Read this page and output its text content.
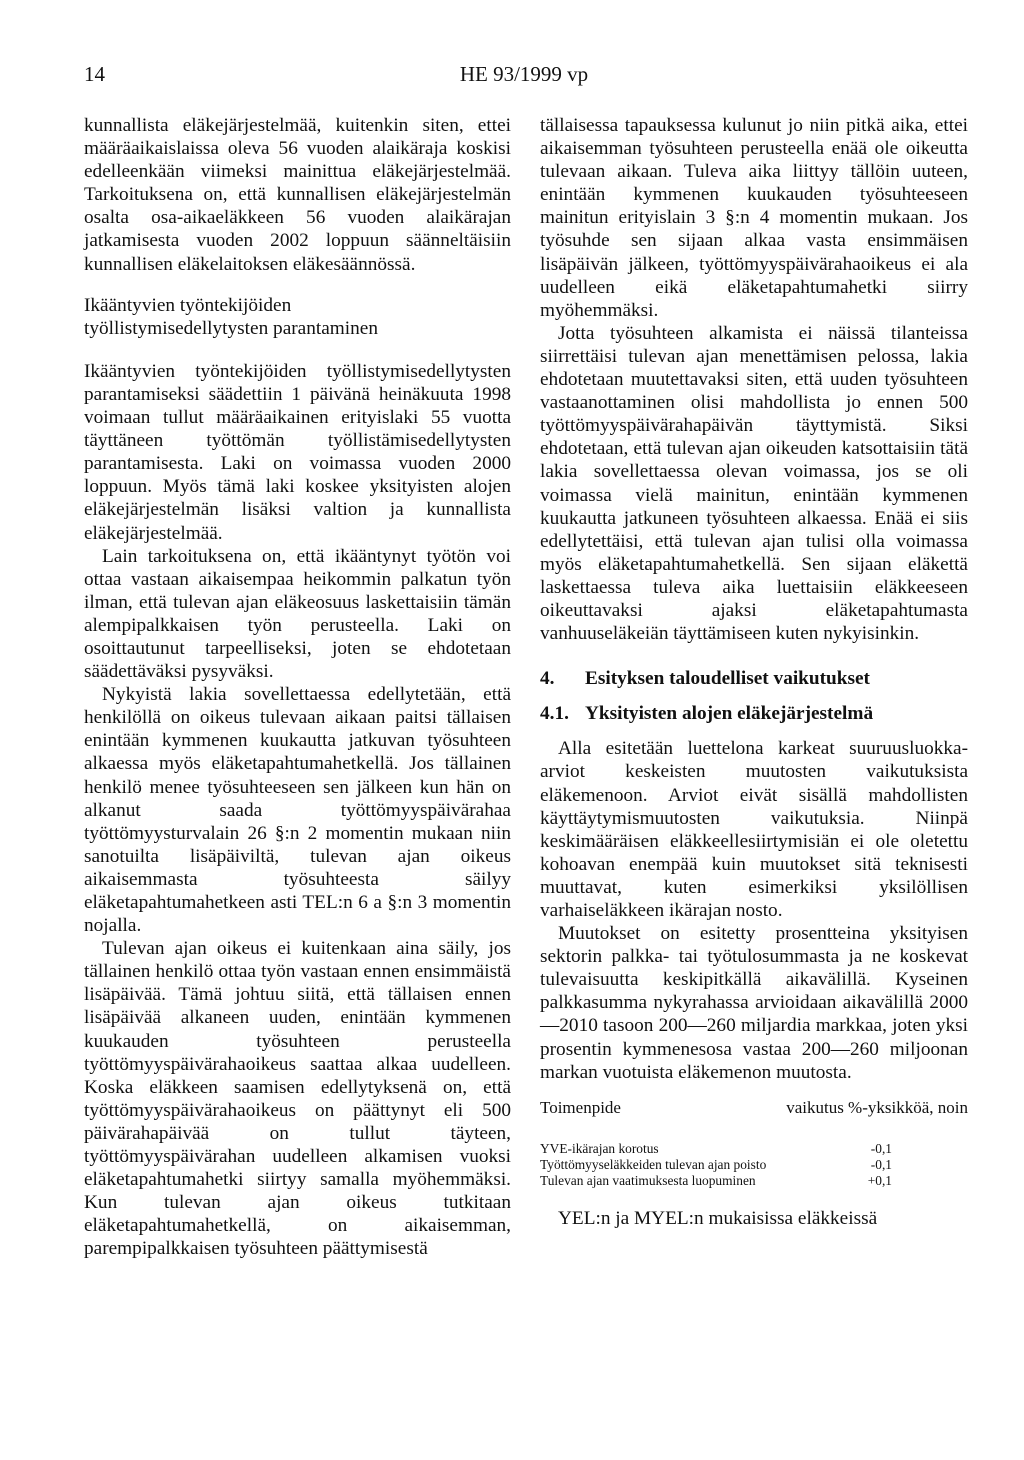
14	HE 93/1999 vp

kunnallista eläkejärjestelmää, kuitenkin siten, ettei määräaikaislaissa oleva 56 vuoden alaikäraja koskisi edelleenkään viimeksi mainittua eläkejärjestelmää. Tarkoituksena on, että kunnallisen eläkejärjestelmän osalta osa-aikaeläkkeen 56 vuoden alaikärajan jatkamisesta vuoden 2002 loppuun säänneltäisiin kunnallisen eläkelaitoksen eläkesäännössä.

Ikääntyvien työntekijöiden
työllistymisedellytysten parantaminen

Ikääntyvien työntekijöiden työllistymisedellytysten parantamiseksi säädettiin 1 päivänä heinäkuuta 1998 voimaan tullut määräaikainen erityislaki 55 vuotta täyttäneen työttömän työllistämisedellytysten parantamisesta. Laki on voimassa vuoden 2000 loppuun. Myös tämä laki koskee yksityisten alojen eläkejärjestelmän lisäksi valtion ja kunnallista eläkejärjestelmää.

Lain tarkoituksena on, että ikääntynyt työtön voi ottaa vastaan aikaisempaa heikommin palkatun työn ilman, että tulevan ajan eläkeosuus laskettaisiin tämän alempipalkkaisen työn perusteella. Laki on osoittautunut tarpeelliseksi, joten se ehdotetaan säädettäväksi pysyväksi.

Nykyistä lakia sovellettaessa edellytetään, että henkilöllä on oikeus tulevaan aikaan paitsi tällaisen enintään kymmenen kuukautta jatkuvan työsuhteen alkaessa myös eläketapahtumahetkellä. Jos tällainen henkilö menee työsuhteeseen sen jälkeen kun hän on alkanut saada työttömyyspäivärahaa työttömyysturvalain 26 §:n 2 momentin mukaan niin sanotuilta lisäpäiviltä, tulevan ajan oikeus aikaisemmasta työsuhteesta säilyy eläketapahtumahetkeen asti TEL:n 6 a §:n 3 momentin nojalla.

Tulevan ajan oikeus ei kuitenkaan aina säily, jos tällainen henkilö ottaa työn vastaan ennen ensimmäistä lisäpäivää. Tämä johtuu siitä, että tällaisen ennen lisäpäivää alkaneen uuden, enintään kymmenen kuukauden työsuhteen perusteella työttömyyspäivärahaoikeus saattaa alkaa uudelleen. Koska eläkkeen saamisen edellytyksenä on, että työttömyyspäivärahaoikeus on päättynyt eli 500 päivärahapäivää on tullut täyteen, työttömyyspäivärahan uudelleen alkamisen vuoksi eläketapahtumahetki siirtyy samalla myöhemmäksi. Kun tulevan ajan oikeus tutkitaan eläketapahtumahetkellä, on aikaisemman, parempipalkkaisen työsuhteen päättymisestä

tällaisessa tapauksessa kulunut jo niin pitkä aika, ettei aikaisemman työsuhteen perusteella enää ole oikeutta tulevaan aikaan. Tuleva aika liittyy tällöin uuteen, enintään kymmenen kuukauden työsuhteeseen mainitun erityislain 3 §:n 4 momentin mukaan. Jos työsuhde sen sijaan alkaa vasta ensimmäisen lisäpäivän jälkeen, työttömyyspäivärahaoikeus ei ala uudelleen eikä eläketapahtumahetki siirry myöhemmäksi.

Jotta työsuhteen alkamista ei näissä tilanteissa siirrettäisi tulevan ajan menettämisen pelossa, lakia ehdotetaan muutettavaksi siten, että uuden työsuhteen vastaanottaminen olisi mahdollista jo ennen 500 työttömyyspäivärahapäivän täyttymistä. Siksi ehdotetaan, että tulevan ajan oikeuden katsottaisiin tätä lakia sovellettaessa olevan voimassa, jos se oli voimassa vielä mainitun, enintään kymmenen kuukautta jatkuneen työsuhteen alkaessa. Enää ei siis edellytettäisi, että tulevan ajan tulisi olla voimassa myös eläketapahtumahetkellä. Sen sijaan eläkettä laskettaessa tuleva aika luettaisiin eläkkeeseen oikeuttavaksi ajaksi eläketapahtumasta vanhuuseläkeiän täyttämiseen kuten nykyisinkin.

4.	Esityksen taloudelliset vaikutukset
4.1. Yksityisten alojen eläkejärjestelmä

Alla esitetään luettelona karkeat suuruusluokka-arviot keskeisten muutosten vaikutuksista eläkemenoon. Arviot eivät sisällä mahdollisten käyttäytymismuutosten vaikutuksia. Niinpä keskimääräisen eläkkeellesiirtymisiän ei ole oletettu kohoavan enempää kuin muutokset sitä teknisesti muuttavat, kuten esimerkiksi yksilöllisen varhaiseläkkeen ikärajan nosto.

Muutokset on esitetty prosentteina yksityisen sektorin palkka- tai työtulosummasta ja ne koskevat tulevaisuutta keskipitkällä aikavälillä. Kyseinen palkkasumma nykyrahassa arvioidaan aikavälillä 2000—2010 tasoon 200—260 miljardia markkaa, joten yksi prosentin kymmenesosa vastaa 200—260 miljoonan markan vuotuista eläkemenon muutosta.

Toimenpide	vaikutus %-yksikköä, noin
YVE-ikärajan korotus	-0,1
Työttömyyseläkkeiden tulevan ajan poisto	-0,1
Tulevan ajan vaatimuksesta luopuminen	+0,1

YEL:n ja MYEL:n mukaisissa eläkkeissä
